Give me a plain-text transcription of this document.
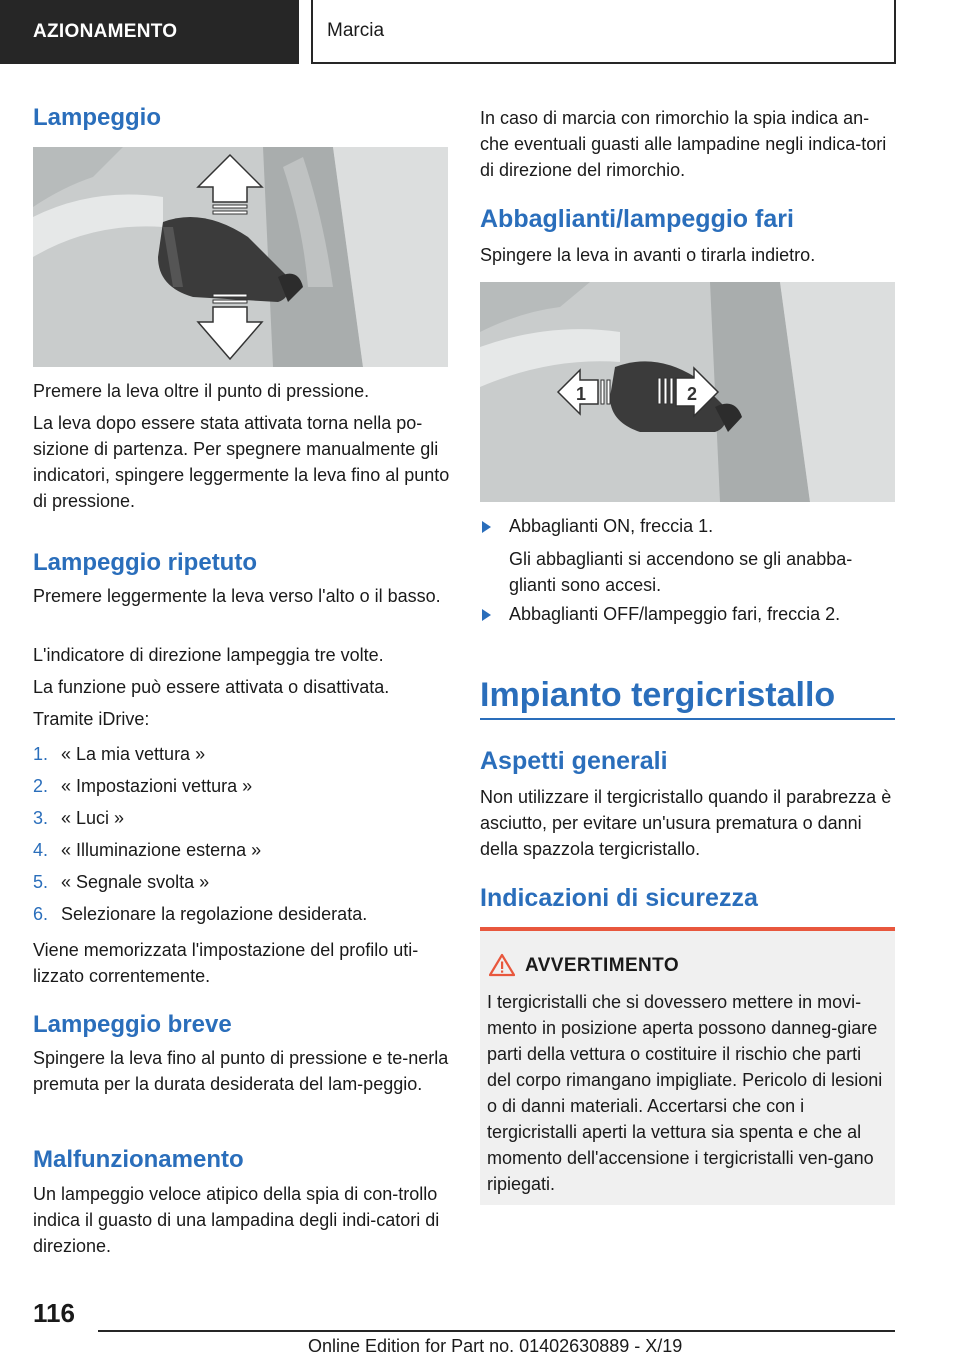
AZIONAMENTO	Marcia
Lampeggio
Premere la leva oltre il punto di pressione.
La leva dopo essere stata attivata torna nella po-sizione di partenza. Per spegnere manualmente gli indicatori, spingere leggermente la leva fino al punto di pressione.
Lampeggio ripetuto
Premere leggermente la leva verso l'alto o il basso.
L'indicatore di direzione lampeggia tre volte.
La funzione può essere attivata o disattivata.
Tramite iDrive:
1. « La mia vettura »
2. « Impostazioni vettura »
3. « Luci »
4. « Illuminazione esterna »
5. « Segnale svolta »
6. Selezionare la regolazione desiderata.
Viene memorizzata l'impostazione del profilo uti-lizzato correntemente.
Lampeggio breve
Spingere la leva fino al punto di pressione e te-nerla premuta per la durata desiderata del lam-peggio.
Malfunzionamento
Un lampeggio veloce atipico della spia di con-trollo indica il guasto di una lampadina degli indi-catori di direzione.
In caso di marcia con rimorchio la spia indica an-che eventuali guasti alle lampadine negli indica-tori di direzione del rimorchio.
Abbaglianti/lampeggio fari
Spingere la leva in avanti o tirarla indietro.
1	2
Abbaglianti ON, freccia 1.
Gli abbaglianti si accendono se gli anabba-glianti sono accesi.
Abbaglianti OFF/lampeggio fari, freccia 2.
Impianto tergicristallo
Aspetti generali
Non utilizzare il tergicristallo quando il parabrezza è asciutto, per evitare un'usura prematura o danni della spazzola tergicristallo.
Indicazioni di sicurezza
AVVERTIMENTO
I tergicristalli che si dovessero mettere in movi-mento in posizione aperta possono danneg-giare parti della vettura o costituire il rischio che parti del corpo rimangano impigliate. Pericolo di lesioni o di danni materiali. Accertarsi che con i tergicristalli aperti la vettura sia spenta e che al momento dell'accensione i tergicristalli ven-gano ripiegati.
116
Online Edition for Part no. 01402630889 - X/19
